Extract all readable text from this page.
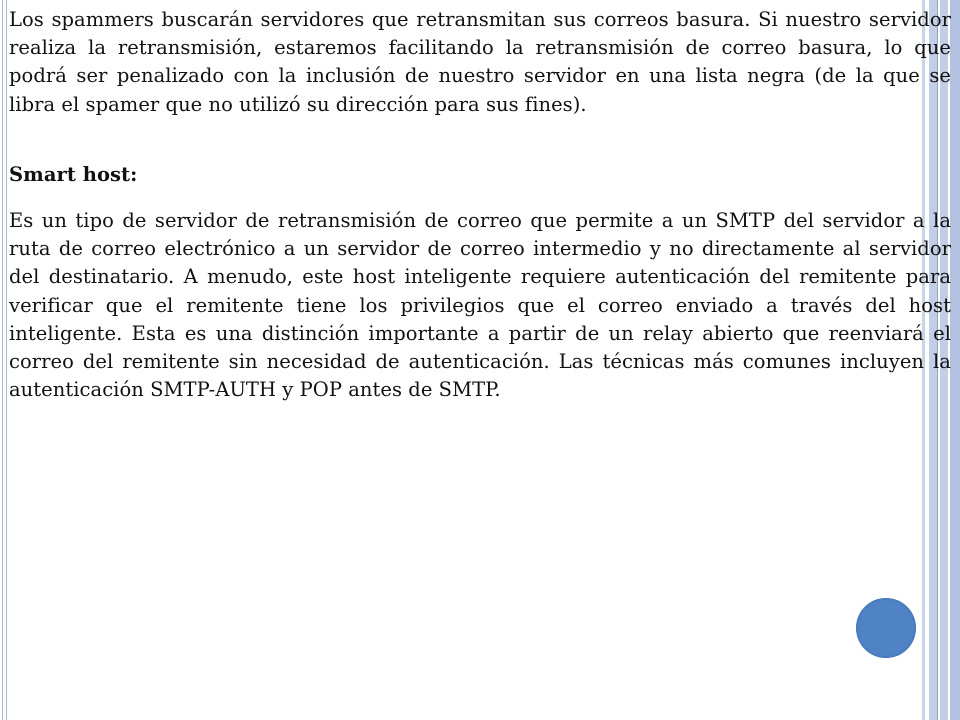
Los spammers buscarán servidores que retransmitan sus correos basura. Si nuestro servidor realiza la retransmisión, estaremos facilitando la retransmisión de correo basura, lo que podrá ser penalizado con la inclusión de nuestro servidor en una lista negra (de la que se libra el spamer que no utilizó su dirección para sus fines).

Smart host:

Es un tipo de servidor de retransmisión de correo que permite a un SMTP del servidor a la ruta de correo electrónico a un servidor de correo intermedio y no directamente al servidor del destinatario. A menudo, este host inteligente requiere autenticación del remitente para verificar que el remitente tiene los privilegios que el correo enviado a través del host inteligente. Esta es una distinción importante a partir de un relay abierto que reenviará el correo del remitente sin necesidad de autenticación. Las técnicas más comunes incluyen la autenticación SMTP-AUTH y POP antes de SMTP.
